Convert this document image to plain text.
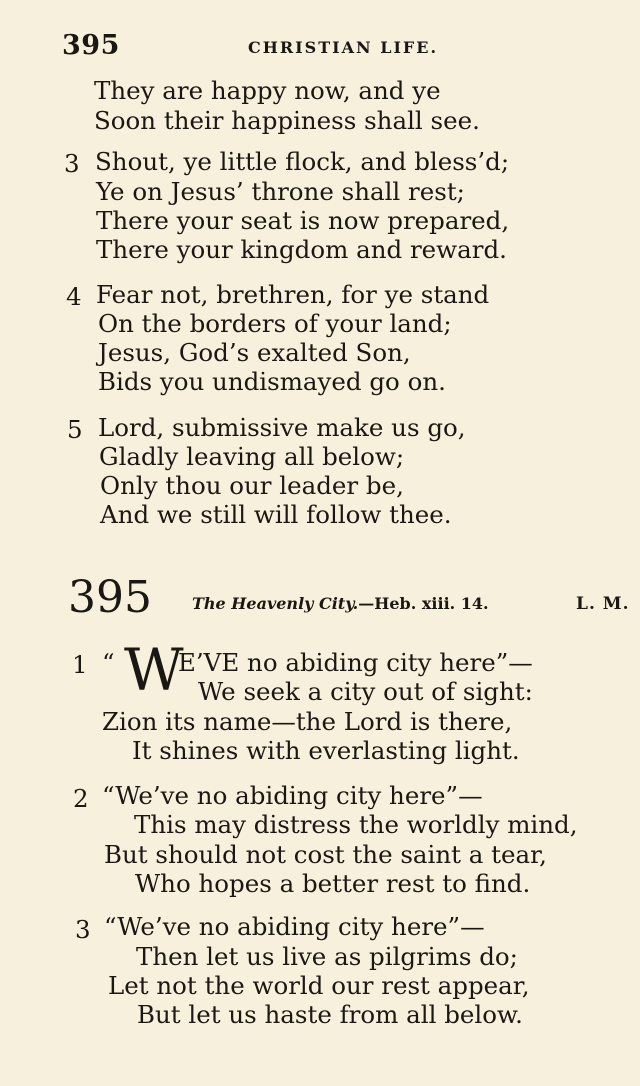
395	CHRISTIAN LIFE.
They are happy now, and ye
Soon their happiness shall see.
3 Shout, ye little flock, and bless’d;
Ye on Jesus’ throne shall rest;
There your seat is now prepared,
There your kingdom and reward.
4 Fear not, brethren, for ye stand
On the borders of your land;
Jesus, God’s exalted Son,
Bids you undismayed go on.
5 Lord, submissive make us go,
Gladly leaving all below;
Only thou our leader be,
And we still will follow thee.
395	The Heavenly City.—Heb. xiii. 14.	L. M.
1 “ W
E’VE no abiding city here”—
We seek a city out of sight:
Zion its name—the Lord is there,
It shines with everlasting light.
2 “We’ve no abiding city here”—
This may distress the worldly mind,
But should not cost the saint a tear,
Who hopes a better rest to find.
3 “We’ve no abiding city here”—
Then let us live as pilgrims do;
Let not the world our rest appear,
But let us haste from all below.
